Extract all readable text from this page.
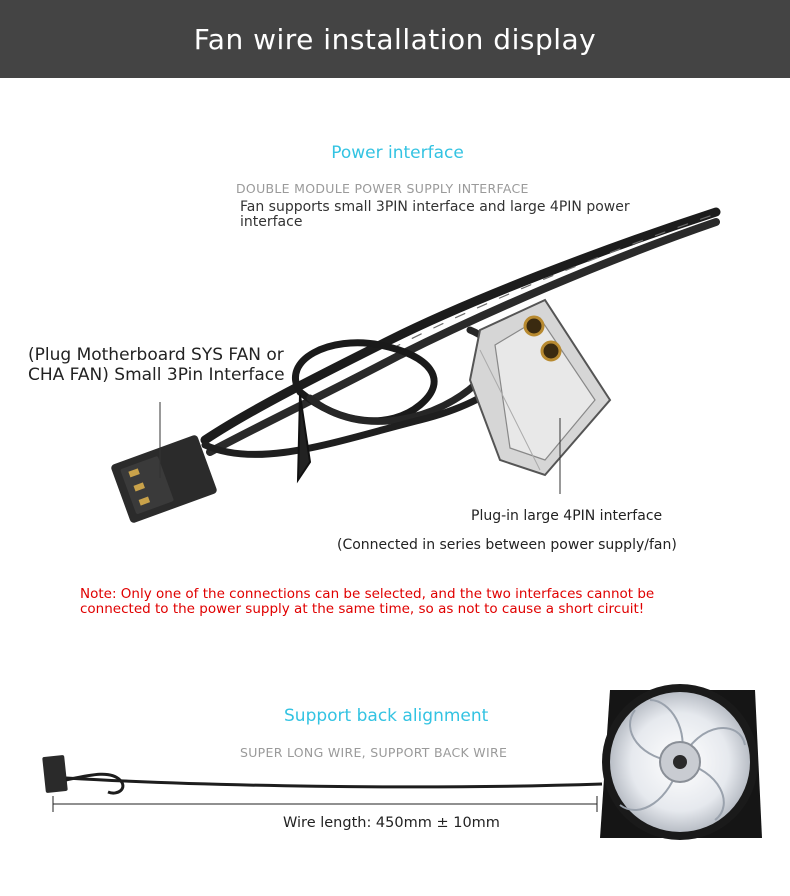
Fan wire installation display
Power interface
DOUBLE MODULE POWER SUPPLY INTERFACE
Fan supports small 3PIN interface and large 4PIN power interface
(Plug Motherboard SYS FAN or CHA FAN) Small 3Pin Interface
Plug-in large 4PIN interface
(Connected in series between power supply/fan)
Note: Only one of the connections can be selected, and the two interfaces cannot be connected to the power supply at the same time, so as not to cause a short circuit!
Support back alignment
SUPER LONG WIRE, SUPPORT BACK WIRE
Wire length: 450mm ± 10mm
